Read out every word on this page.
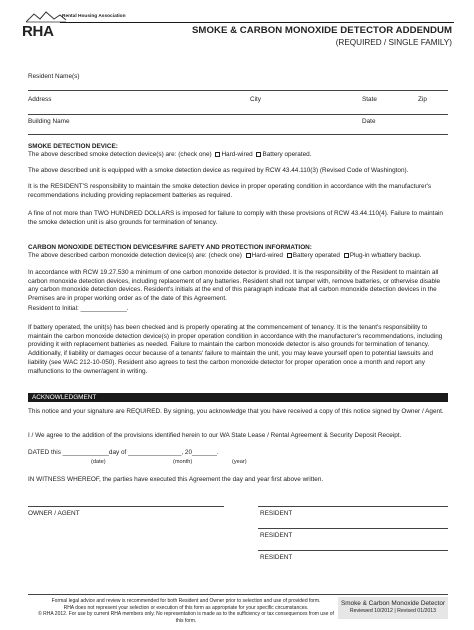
RHA
Rental Housing Association
SMOKE & CARBON MONOXIDE DETECTOR ADDENDUM
(REQUIRED / SINGLE FAMILY)
Resident Name(s)
Address	City	State	Zip
Building Name	Date
SMOKE DETECTION DEVICE:
The above described smoke detection device(s) are: (check one) Hard-wired Battery operated.
The above described unit is equipped with a smoke detection device as required by RCW 43.44.110(3) (Revised Code of Washington).
It is the RESIDENT'S responsibility to maintain the smoke detection device in proper operating condition in accordance with the manufacturer's recommendations including providing replacement batteries as required.
A fine of not more than TWO HUNDRED DOLLARS is imposed for failure to comply with these provisions of RCW 43.44.110(4). Failure to maintain the smoke detection unit is also grounds for termination of tenancy.
CARBON MONOXIDE DETECTION DEVICES/FIRE SAFETY AND PROTECTION INFORMATION:
The above described carbon monoxide detection device(s) are: (check one) Hard-wired Battery operated Plug-in w/battery backup.
In accordance with RCW 19.27.530 a minimum of one carbon monoxide detector is provided. It is the responsibility of the Resident to maintain all carbon monoxide detection devices, including replacement of any batteries. Resident shall not tamper with, remove batteries, or otherwise disable any carbon monoxide detection devices. Resident's initials at the end of this paragraph indicate that all carbon monoxide detection devices in the Premises are in proper working order as of the date of this Agreement.
Resident to Initial: _____________.
If battery operated, the unit(s) has been checked and is properly operating at the commencement of tenancy. It is the tenant's responsibility to maintain the carbon monoxide detection device(s) in proper operation condition in accordance with the manufacturer's recommendations, including providing it with replacement batteries as needed. Failure to maintain the carbon monoxide detector is also grounds for termination of tenancy. Additionally, if liability or damages occur because of a tenants' failure to maintain the unit, you may leave yourself open to potential lawsuits and liability (see WAC 212-10-050). Resident also agrees to test the carbon monoxide detector for proper operation once a month and report any malfunctions to the owner/agent in writing.
ACKNOWLEDGMENT
This notice and your signature are REQUIRED. By signing, you acknowledge that you have received a copy of this notice signed by Owner / Agent.
I / We agree to the addition of the provisions identified herein to our WA State Lease / Rental Agreement & Security Deposit Receipt.
DATED this _____________day of _______________, 20_______.
(date)	(month)	(year)
IN WITNESS WHEREOF, the parties have executed this Agreement the day and year first above written.
OWNER / AGENT	RESIDENT
RESIDENT
RESIDENT
Formal legal advice and review is recommended for both Resident and Owner prior to selection and use of provided form.
RHA does not represent your selection or execution of this form as appropriate for your specific circumstances.
© RHA 2012. For use by current RHA members only. No representation is made as to the sufficiency or tax consequences from use of this form.
Smoke & Carbon Monoxide Detector
Reviewed 10/2012 | Revised 01/2013
